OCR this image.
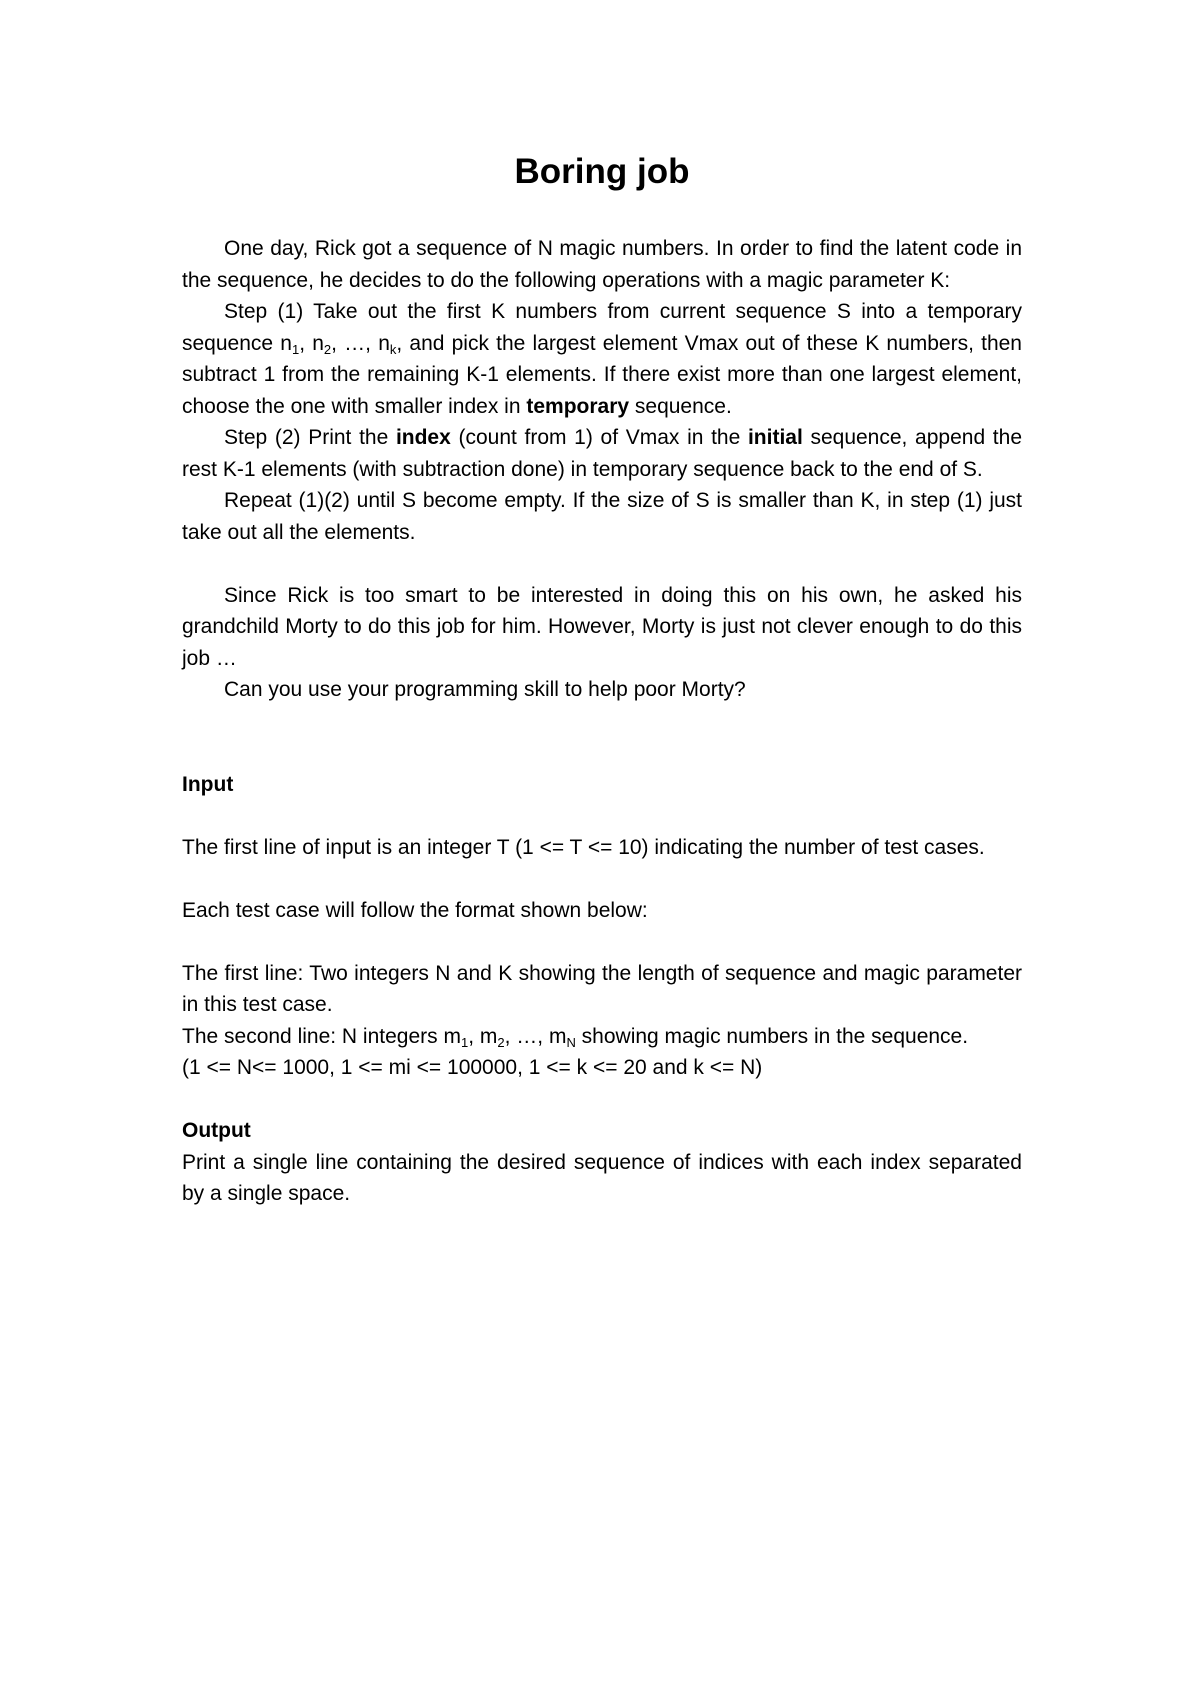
Boring job

One day, Rick got a sequence of N magic numbers. In order to find the latent code in the sequence, he decides to do the following operations with a magic parameter K:

Step (1) Take out the first K numbers from current sequence S into a temporary sequence $n_1$, $n_2$, …, $n_k$, and pick the largest element Vmax out of these K numbers, then subtract 1 from the remaining K-1 elements. If there exist more than one largest element, choose the one with smaller index in temporary sequence.

Step (2) Print the index (count from 1) of Vmax in the initial sequence, append the rest K-1 elements (with subtraction done) in temporary sequence back to the end of S.

Repeat (1)(2) until S become empty. If the size of S is smaller than K, in step (1) just take out all the elements.

Since Rick is too smart to be interested in doing this on his own, he asked his grandchild Morty to do this job for him. However, Morty is just not clever enough to do this job …

Can you use your programming skill to help poor Morty?

Input

The first line of input is an integer T (1 <= T <= 10) indicating the number of test cases.

Each test case will follow the format shown below:

The first line: Two integers N and K showing the length of sequence and magic parameter in this test case.

The second line: N integers $m_1$, $m_2$, …, $m_N$ showing magic numbers in the sequence.

(1 <= N<= 1000, 1 <= mi <= 100000, 1 <= k <= 20 and k <= N)

Output

Print a single line containing the desired sequence of indices with each index separated by a single space.
